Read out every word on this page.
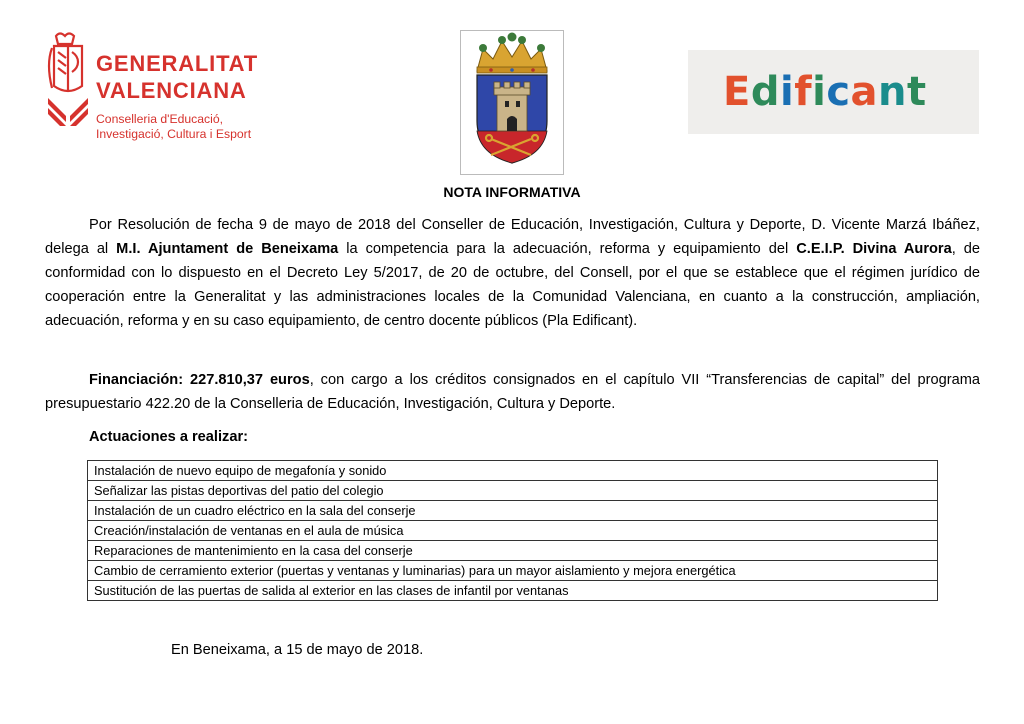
GENERALITAT
VALENCIANA
Conselleria d'Educació,
Investigació, Cultura i Esport
Edificant
NOTA INFORMATIVA

Por Resolución de fecha 9 de mayo de 2018 del Conseller de Educación, Investigación, Cultura y Deporte, D. Vicente Marzá Ibáñez, delega al M.I. Ajuntament de Beneixama la competencia para la adecuación, reforma y equipamiento del C.E.I.P. Divina Aurora, de conformidad con lo dispuesto en el Decreto Ley 5/2017, de 20 de octubre, del Consell, por el que se establece que el régimen jurídico de cooperación entre la Generalitat y las administraciones locales de la Comunidad Valenciana, en cuanto a la construcción, ampliación, adecuación, reforma y en su caso equipamiento, de centro docente públicos (Pla Edificant).

Financiación: 227.810,37 euros, con cargo a los créditos consignados en el capítulo VII “Transferencias de capital” del programa presupuestario 422.20 de la Conselleria de Educación, Investigación, Cultura y Deporte.

Actuaciones a realizar:
Instalación de nuevo equipo de megafonía y sonido
Señalizar las pistas deportivas del patio del colegio
Instalación de un cuadro eléctrico en la sala del conserje
Creación/instalación de ventanas en el aula de música
Reparaciones de mantenimiento en la casa del conserje
Cambio de cerramiento exterior (puertas y ventanas y luminarias) para un mayor aislamiento y mejora energética
Sustitución de las puertas de salida al exterior en las clases de infantil por ventanas
En Beneixama, a 15 de mayo de 2018.
